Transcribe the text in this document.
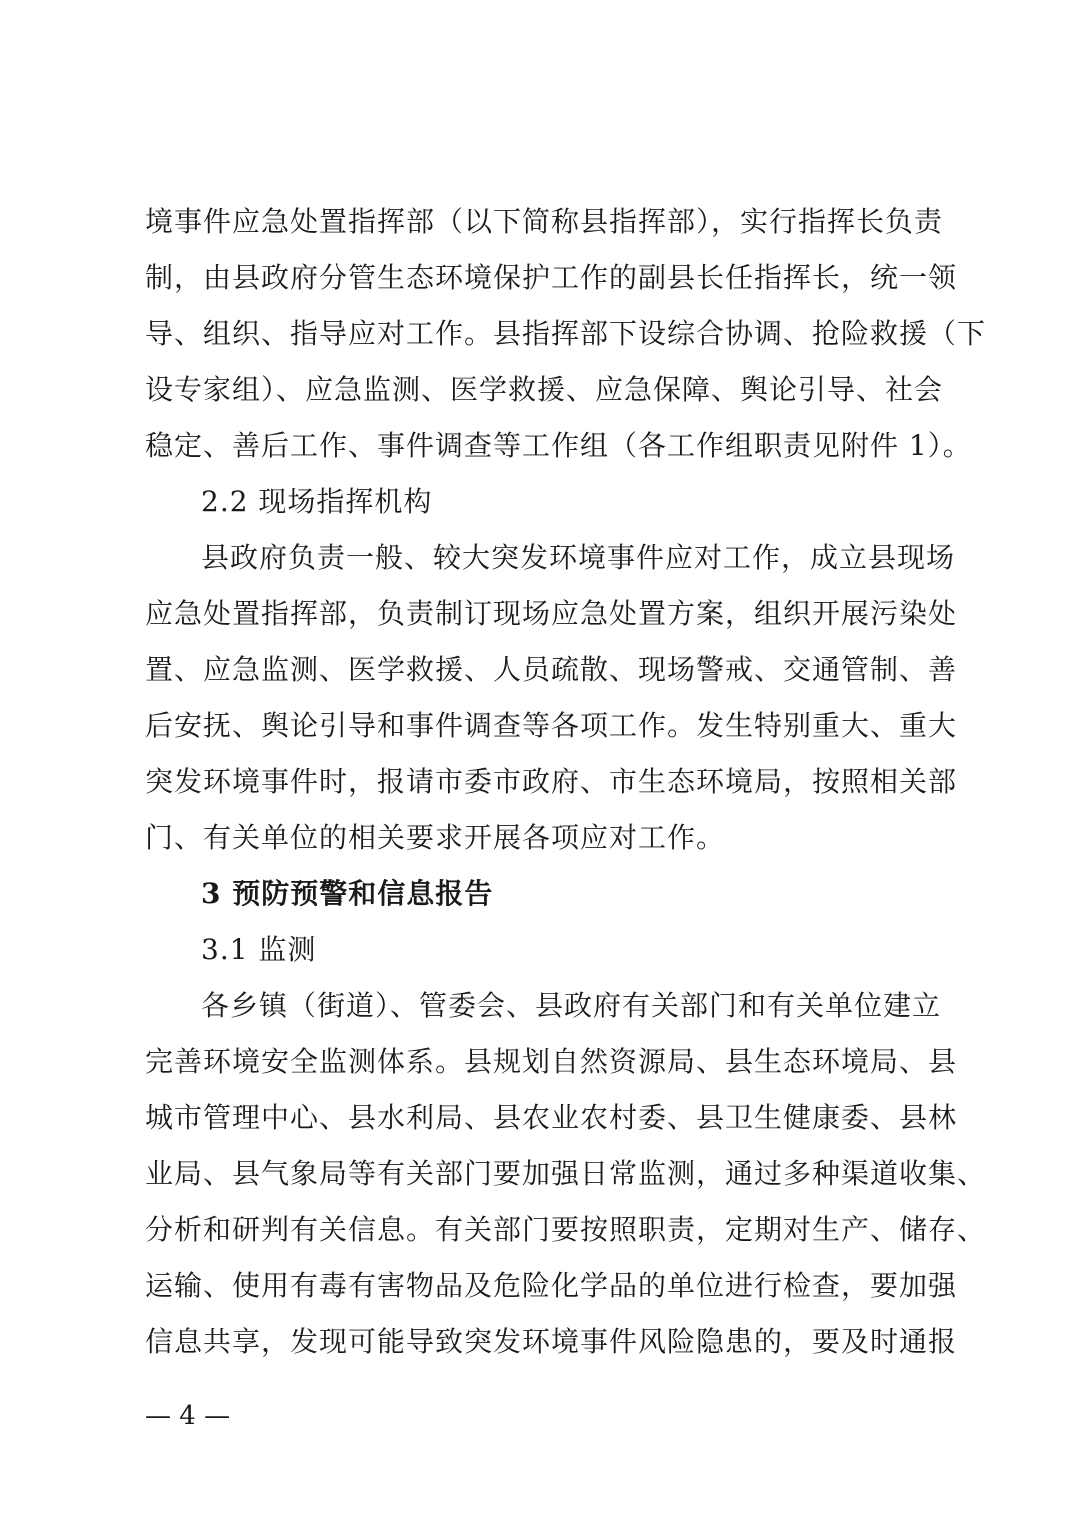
境事件应急处置指挥部（以下简称县指挥部），实行指挥长负责
制，由县政府分管生态环境保护工作的副县长任指挥长，统一领
导、组织、指导应对工作。县指挥部下设综合协调、抢险救援（下
设专家组）、应急监测、医学救援、应急保障、舆论引导、社会
稳定、善后工作、事件调查等工作组（各工作组职责见附件 1）。
2.2 现场指挥机构
县政府负责一般、较大突发环境事件应对工作，成立县现场
应急处置指挥部，负责制订现场应急处置方案，组织开展污染处
置、应急监测、医学救援、人员疏散、现场警戒、交通管制、善
后安抚、舆论引导和事件调查等各项工作。发生特别重大、重大
突发环境事件时，报请市委市政府、市生态环境局，按照相关部
门、有关单位的相关要求开展各项应对工作。
3 预防预警和信息报告
3.1 监测
各乡镇（街道）、管委会、县政府有关部门和有关单位建立
完善环境安全监测体系。县规划自然资源局、县生态环境局、县
城市管理中心、县水利局、县农业农村委、县卫生健康委、县林
业局、县气象局等有关部门要加强日常监测，通过多种渠道收集、
分析和研判有关信息。有关部门要按照职责，定期对生产、储存、
运输、使用有毒有害物品及危险化学品的单位进行检查，要加强
信息共享，发现可能导致突发环境事件风险隐患的，要及时通报
— 4 —
